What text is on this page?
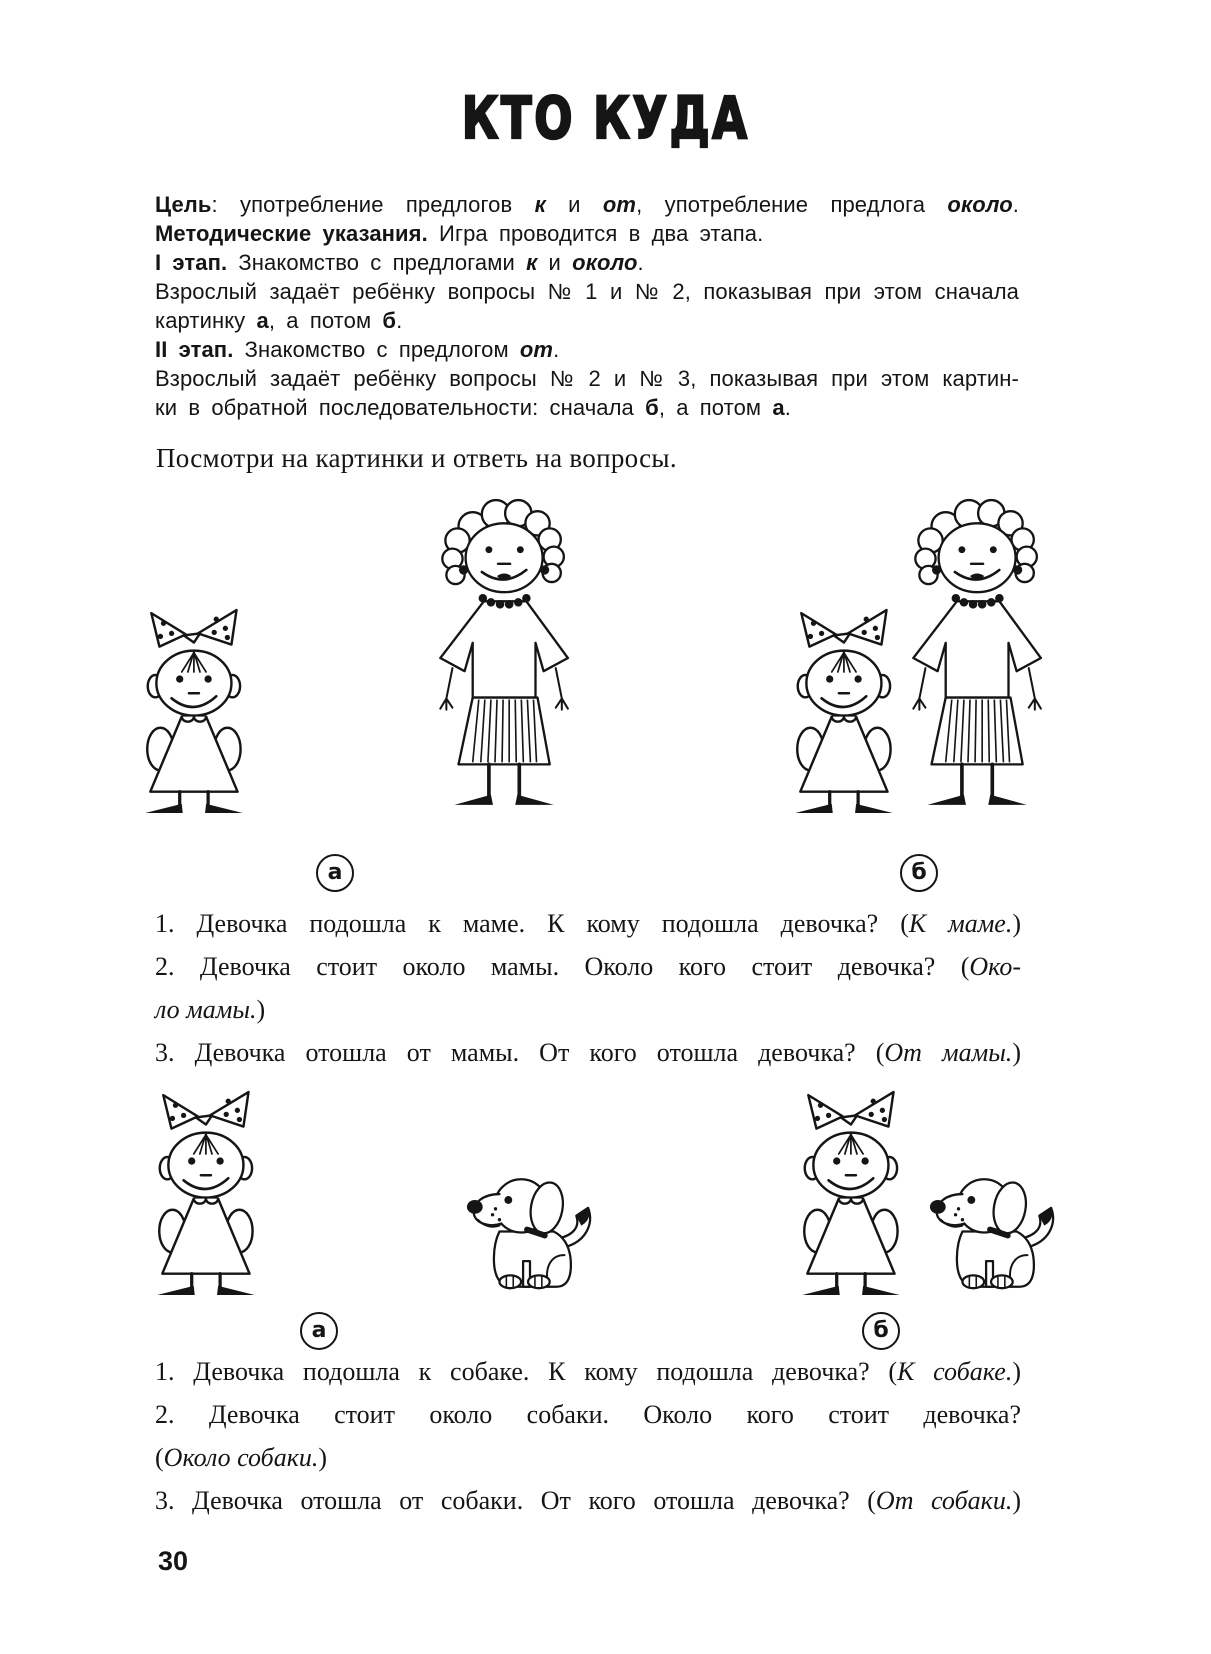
КТО КУДА
Цель: употребление предлогов к и от, употребление предлога около.
Методические указания. Игра проводится в два этапа.
I этап. Знакомство с предлогами к и около.
Взрослый задаёт ребёнку вопросы № 1 и № 2, показывая при этом сначала
картинку а, а потом б.
II этап. Знакомство с предлогом от.
Взрослый задаёт ребёнку вопросы № 2 и № 3, показывая при этом картин-
ки в обратной последовательности: сначала б, а потом а.

Посмотри на картинки и ответь на вопросы.

а	б
1. Девочка подошла к маме. К кому подошла девочка? (К маме.)
2. Девочка стоит около мамы. Около кого стоит девочка? (Око-
ло мамы.)
3. Девочка отошла от мамы. От кого отошла девочка? (От мамы.)
а	б
1. Девочка подошла к собаке. К кому подошла девочка? (К собаке.)
2. Девочка стоит около собаки. Около кого стоит девочка?
(Около собаки.)
3. Девочка отошла от собаки. От кого отошла девочка? (От собаки.)
30
